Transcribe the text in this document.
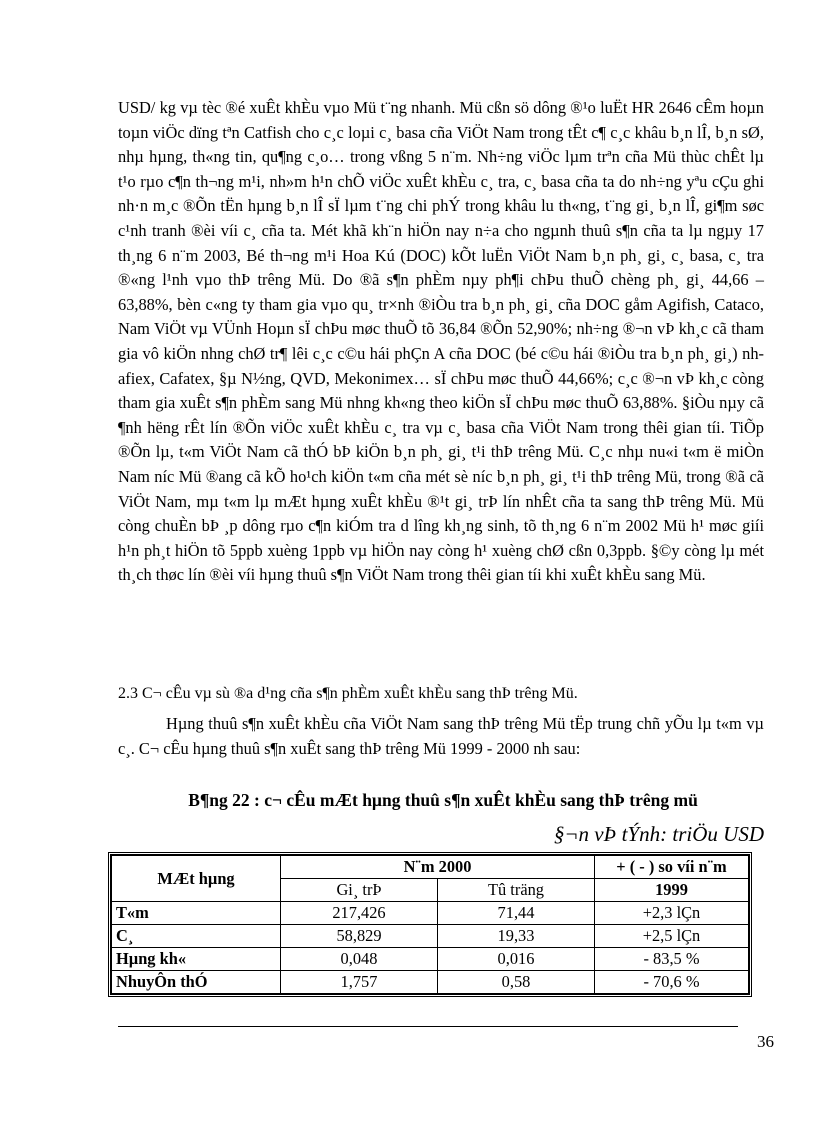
USD/ kg vµ tèc ®é xuÊt khÈu vµo Mü t¨ng nhanh. Mü cßn sö dông ®¹o luËt HR 2646 cÊm hoµn toµn viÖc dïng tªn Catfish cho c¸c loµi c¸ basa cña ViÖt Nam trong tÊt c¶ c¸c khâu b¸n lÎ, b¸n sØ, nhµ hµng, th«ng tin, qu¶ng c¸o… trong vßng 5 n¨m. Nh÷ng viÖc lµm trªn cña Mü thùc chÊt lµ t¹o rµo c¶n th¬ng m¹i, nh»m h¹n chÕ viÖc xuÊt khÈu c¸ tra, c¸ basa cña ta do nh÷ng yªu cÇu ghi nh·n m¸c ®Õn tËn hµng b¸n lÎ sÏ lµm t¨ng chi phÝ trong khâu lu th«ng, t¨ng gi¸ b¸n lÎ, gi¶m søc c¹nh tranh ®èi víi c¸ cña ta. Mét khã kh¨n hiÖn nay n÷a cho ngµnh thuû s¶n cña ta lµ ngµy 17 th¸ng 6 n¨m 2003, Bé th¬ng m¹i Hoa Kú (DOC) kÕt luËn ViÖt Nam b¸n ph¸ gi¸ c¸ basa, c¸ tra ®«ng l¹nh vµo thÞ trêng Mü. Do ®ã s¶n phÈm nµy ph¶i chÞu thuÕ chèng ph¸ gi¸ 44,66 – 63,88%, bèn c«ng ty tham gia vµo qu¸ tr×nh ®iÒu tra b¸n ph¸ gi¸ cña DOC gåm Agifish, Cataco, Nam ViÖt vµ VÜnh Hoµn sÏ chÞu møc thuÕ tõ 36,84 ®Õn 52,90%; nh÷ng ®¬n vÞ kh¸c cã tham gia vô kiÖn nhng chØ tr¶ lêi c¸c c©u hái phÇn A cña DOC (bé c©u hái ®iÒu tra b¸n ph¸ gi¸) nh afiex, Cafatex, §µ N½ng, QVD, Mekonimex… sÏ chÞu møc thuÕ 44,66%; c¸c ®¬n vÞ kh¸c còng tham gia xuÊt s¶n phÈm sang Mü nhng kh«ng theo kiÖn sÏ chÞu møc thuÕ 63,88%. §iÒu nµy cã ¶nh hëng rÊt lín ®Õn viÖc xuÊt khÈu c¸ tra vµ c¸ basa cña ViÖt Nam trong thêi gian tíi. TiÕp ®Õn lµ, t«m ViÖt Nam cã thÓ bÞ kiÖn b¸n ph¸ gi¸ t¹i thÞ trêng Mü. C¸c nhµ nu«i t«m ë miÒn Nam níc Mü ®ang cã kÕ ho¹ch kiÖn t«m cña mét sè níc b¸n ph¸ gi¸ t¹i thÞ trêng Mü, trong ®ã cã ViÖt Nam, mµ t«m lµ mÆt hµng xuÊt khÈu ®¹t gi¸ trÞ lín nhÊt cña ta sang thÞ trêng Mü. Mü còng chuÈn bÞ ¸p dông rµo c¶n kiÓm tra d lîng kh¸ng sinh, tõ th¸ng 6 n¨m 2002 Mü h¹ møc giíi h¹n ph¸t hiÖn tõ 5ppb xuèng 1ppb vµ hiÖn nay còng h¹ xuèng chØ cßn 0,3ppb. §©y còng lµ mét th¸ch thøc lín ®èi víi hµng thuû s¶n ViÖt Nam trong thêi gian tíi khi xuÊt khÈu sang Mü.

2.3 C¬ cÊu vµ sù ®a d¹ng cña s¶n phÈm xuÊt khÈu sang thÞ trêng Mü.

Hµng thuû s¶n xuÊt khÈu cña ViÖt Nam sang thÞ trêng Mü tËp trung chñ yÕu lµ t«m vµ c¸. C¬ cÊu hµng thuû s¶n xuÊt sang thÞ trêng Mü 1999 - 2000 nh sau:

B¶ng 22 : c¬ cÊu mÆt hµng thuû s¶n xuÊt khÈu sang thÞ trêng mü

§¬n vÞ tÝnh: triÖu USD

MÆt hµng	N¨m 2000		+ ( - ) so víi n¨m
	Gi¸ trÞ	Tû träng	1999
T«m	217,426	71,44	+2,3 lÇn
C¸	58,829	19,33	+2,5 lÇn
Hµng kh«	0,048	0,016	- 83,5 %
NhuyÔn thÓ	1,757	0,58	- 70,6 %
36
